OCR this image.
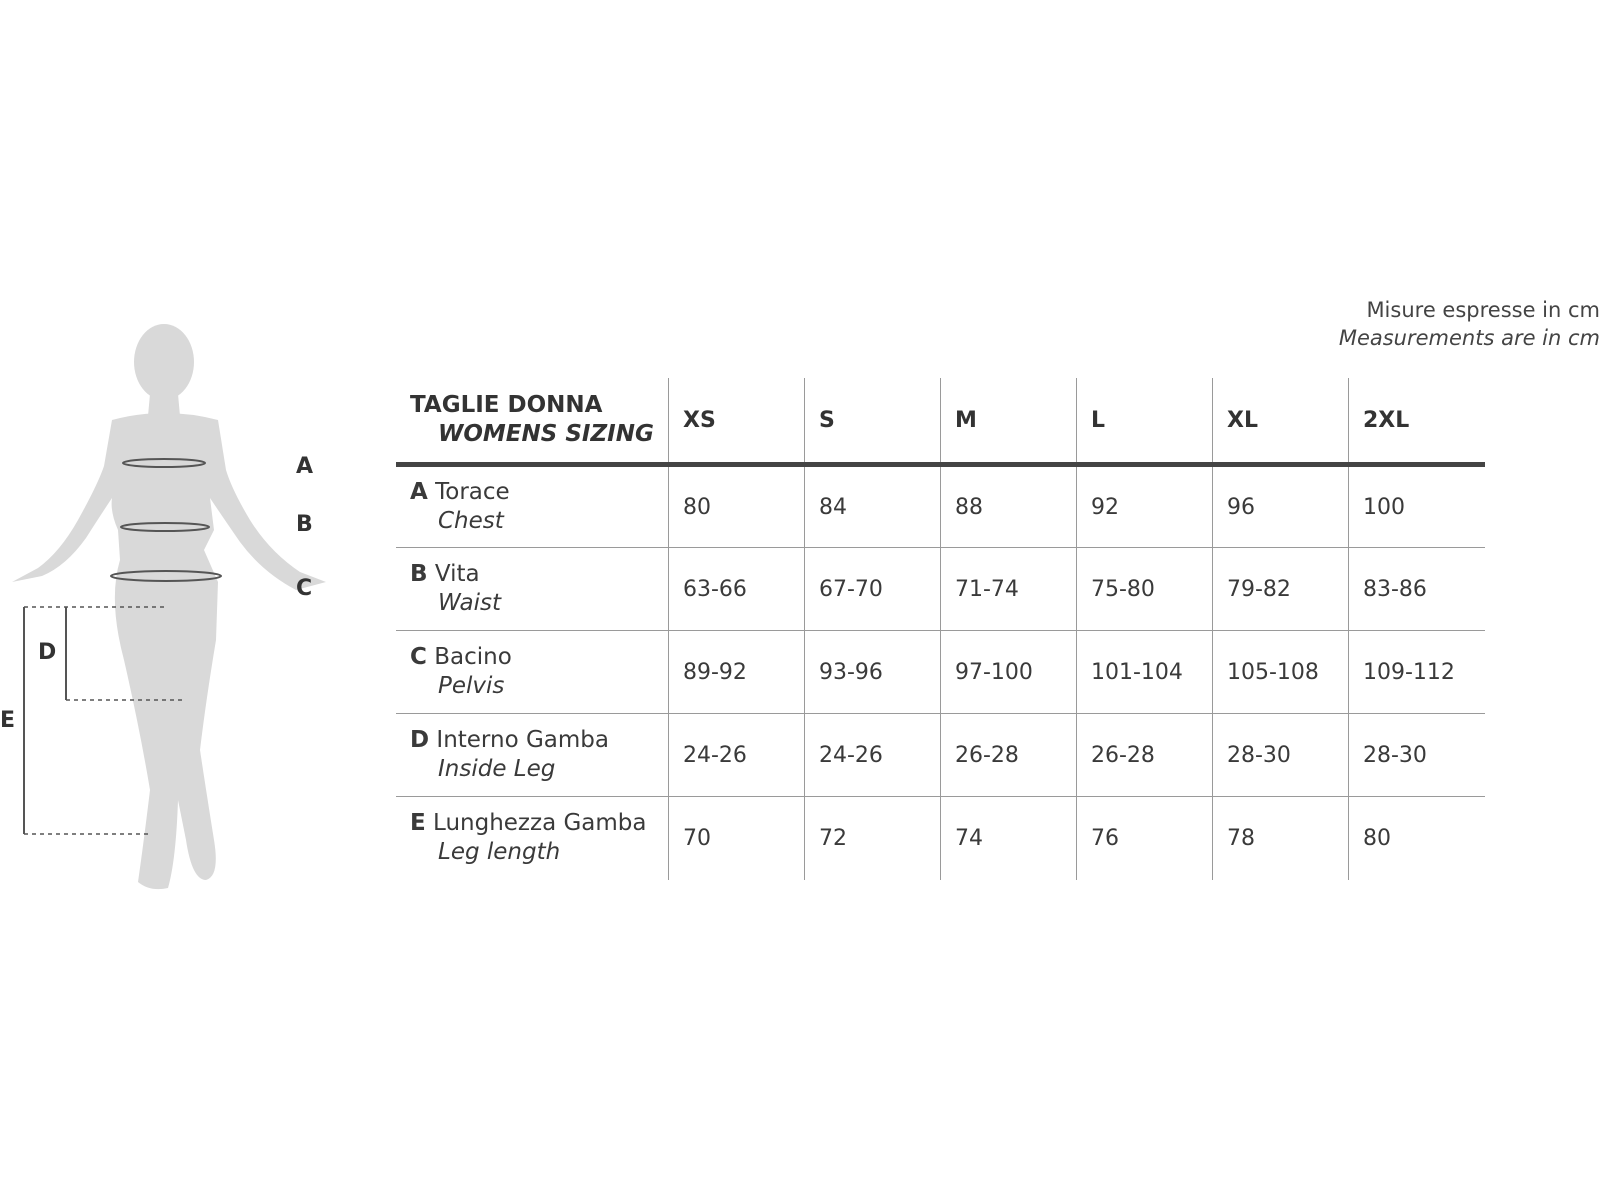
Misure espresse in cm
Measurements are in cm
A
B
C
D
E
TAGLIE DONNA
WOMENS SIZING	XS	S	M	L	XL	2XL
A Torace
Chest	80	84	88	92	96	100
B Vita
Waist	63-66	67-70	71-74	75-80	79-82	83-86
C Bacino
Pelvis	89-92	93-96	97-100	101-104	105-108	109-112
D Interno Gamba
Inside Leg	24-26	24-26	26-28	26-28	28-30	28-30
E Lunghezza Gamba
Leg length	70	72	74	76	78	80
